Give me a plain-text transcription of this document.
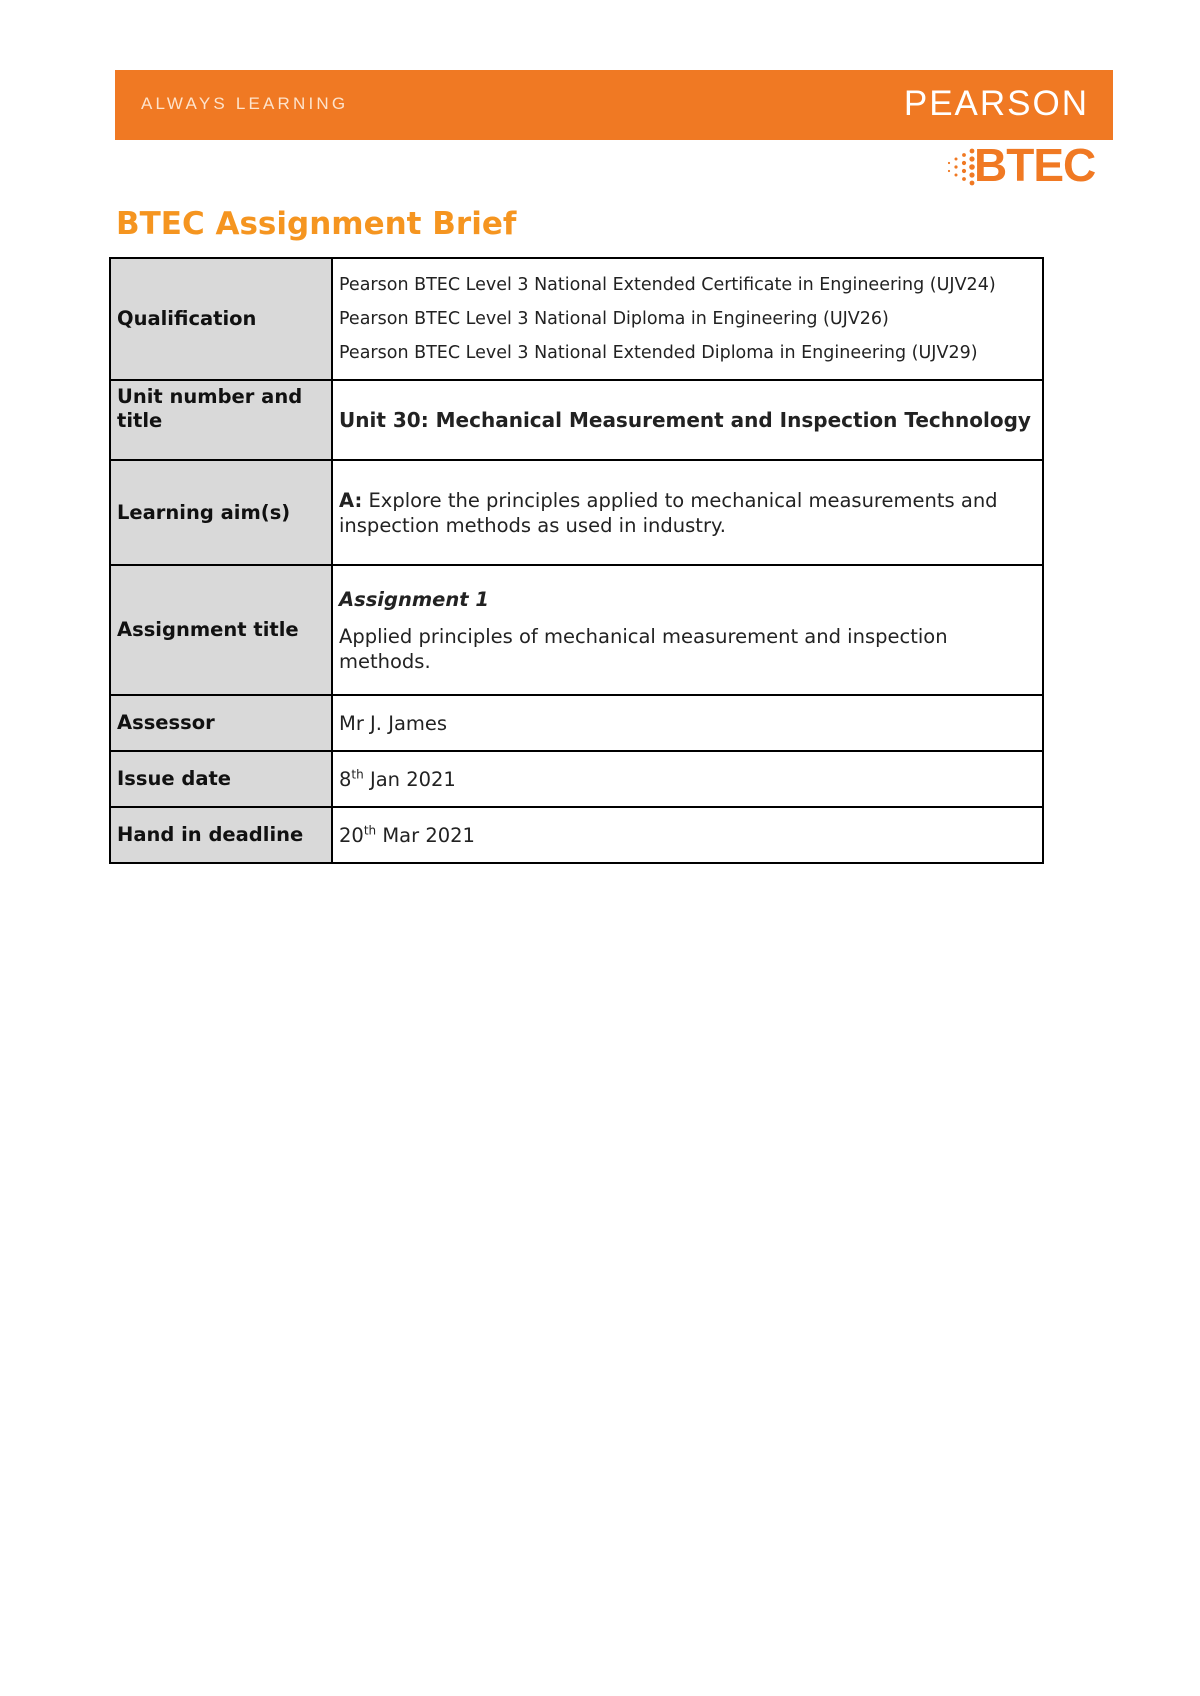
ALWAYS LEARNING	PEARSON
BTEC
BTEC Assignment Brief
Qualification	Pearson BTEC Level 3 National Extended Certificate in Engineering (UJV24)
Pearson BTEC Level 3 National Diploma in Engineering (UJV26)
Pearson BTEC Level 3 National Extended Diploma in Engineering (UJV29)

Unit number and title	Unit 30: Mechanical Measurement and Inspection Technology
Learning aim(s)	A: Explore the principles applied to mechanical measurements and inspection methods as used in industry.
Assignment title	Assignment 1
Applied principles of mechanical measurement and inspection methods.

Assessor	Mr J. James
Issue date	8th Jan 2021
Hand in deadline	20th Mar 2021
